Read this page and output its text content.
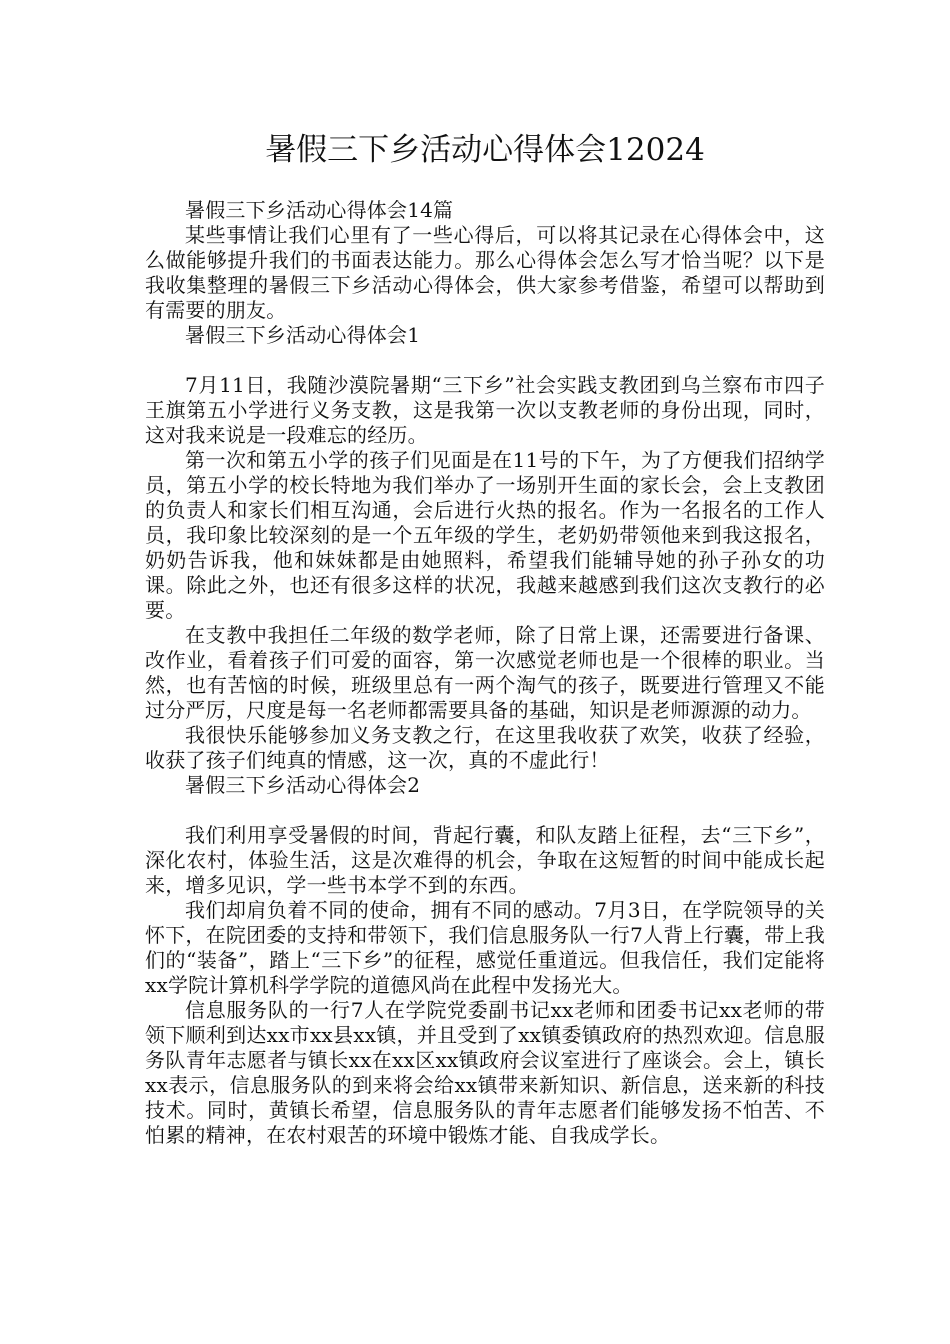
暑假三下乡活动心得体会12024

暑假三下乡活动心得体会14篇

某些事情让我们心里有了一些心得后，可以将其记录在心得体会中，这么做能够提升我们的书面表达能力。那么心得体会怎么写才恰当呢？以下是我收集整理的暑假三下乡活动心得体会，供大家参考借鉴，希望可以帮助到有需要的朋友。

暑假三下乡活动心得体会1

7月11日，我随沙漠院暑期“三下乡”社会实践支教团到乌兰察布市四子王旗第五小学进行义务支教，这是我第一次以支教老师的身份出现，同时，这对我来说是一段难忘的经历。

第一次和第五小学的孩子们见面是在11号的下午，为了方便我们招纳学员，第五小学的校长特地为我们举办了一场别开生面的家长会，会上支教团的负责人和家长们相互沟通，会后进行火热的报名。作为一名报名的工作人员，我印象比较深刻的是一个五年级的学生，老奶奶带领他来到我这报名，奶奶告诉我，他和妹妹都是由她照料，希望我们能辅导她的孙子孙女的功课。除此之外，也还有很多这样的状况，我越来越感到我们这次支教行的必要。

在支教中我担任二年级的数学老师，除了日常上课，还需要进行备课、改作业，看着孩子们可爱的面容，第一次感觉老师也是一个很棒的职业。当然，也有苦恼的时候，班级里总有一两个淘气的孩子，既要进行管理又不能过分严厉，尺度是每一名老师都需要具备的基础，知识是老师源源的动力。

我很快乐能够参加义务支教之行，在这里我收获了欢笑，收获了经验，收获了孩子们纯真的情感，这一次，真的不虚此行！

暑假三下乡活动心得体会2

我们利用享受暑假的时间，背起行囊，和队友踏上征程，去“三下乡”，深化农村，体验生活，这是次难得的机会，争取在这短暂的时间中能成长起来，增多见识，学一些书本学不到的东西。

我们却肩负着不同的使命，拥有不同的感动。7月3日，在学院领导的关怀下，在院团委的支持和带领下，我们信息服务队一行7人背上行囊，带上我们的“装备”，踏上“三下乡”的征程，感觉任重道远。但我信任，我们定能将xx学院计算机科学学院的道德风尚在此程中发扬光大。

信息服务队的一行7人在学院党委副书记xx老师和团委书记xx老师的带领下顺利到达xx市xx县xx镇，并且受到了xx镇委镇政府的热烈欢迎。信息服务队青年志愿者与镇长xx在xx区xx镇政府会议室进行了座谈会。会上，镇长xx表示，信息服务队的到来将会给xx镇带来新知识、新信息，送来新的科技技术。同时，黄镇长希望，信息服务队的青年志愿者们能够发扬不怕苦、不怕累的精神，在农村艰苦的环境中锻炼才能、自我成学长。
